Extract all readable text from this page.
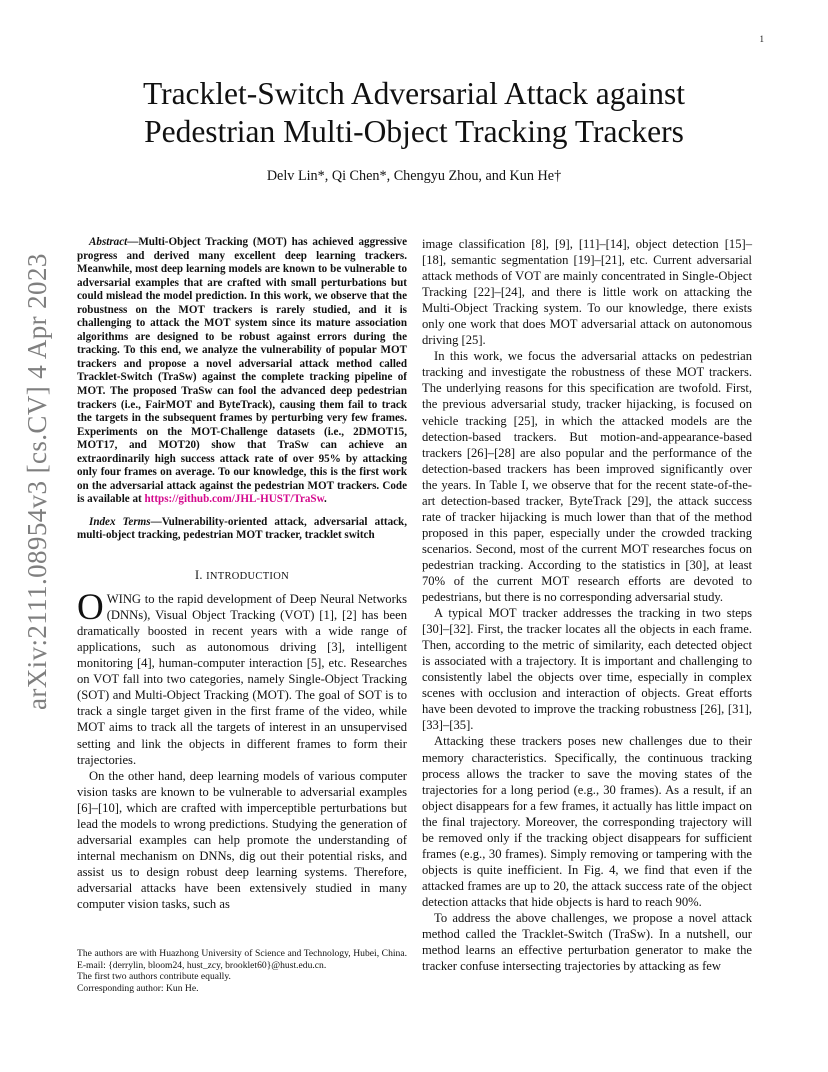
1
arXiv:2111.08954v3 [cs.CV] 4 Apr 2023
Tracklet-Switch Adversarial Attack against
Pedestrian Multi-Object Tracking Trackers
Delv Lin*, Qi Chen*, Chengyu Zhou, and Kun He†

Abstract—Multi-Object Tracking (MOT) has achieved aggressive progress and derived many excellent deep learning trackers. Meanwhile, most deep learning models are known to be vulnerable to adversarial examples that are crafted with small perturbations but could mislead the model prediction. In this work, we observe that the robustness on the MOT trackers is rarely studied, and it is challenging to attack the MOT system since its mature association algorithms are designed to be robust against errors during the tracking. To this end, we analyze the vulnerability of popular MOT trackers and propose a novel adversarial attack method called Tracklet-Switch (TraSw) against the complete tracking pipeline of MOT. The proposed TraSw can fool the advanced deep pedestrian trackers (i.e., FairMOT and ByteTrack), causing them fail to track the targets in the subsequent frames by perturbing very few frames. Experiments on the MOT-Challenge datasets (i.e., 2DMOT15, MOT17, and MOT20) show that TraSw can achieve an extraordinarily high success attack rate of over 95% by attacking only four frames on average. To our knowledge, this is the first work on the adversarial attack against the pedestrian MOT trackers. Code is available at https://github.com/JHL-HUST/TraSw.

Index Terms—Vulnerability-oriented attack, adversarial attack, multi-object tracking, pedestrian MOT tracker, tracklet switch

I. INTRODUCTION

OWING to the rapid development of Deep Neural Networks (DNNs), Visual Object Tracking (VOT) [1], [2] has been dramatically boosted in recent years with a wide range of applications, such as autonomous driving [3], intelligent monitoring [4], human-computer interaction [5], etc. Researches on VOT fall into two categories, namely Single-Object Tracking (SOT) and Multi-Object Tracking (MOT). The goal of SOT is to track a single target given in the first frame of the video, while MOT aims to track all the targets of interest in an unsupervised setting and link the objects in different frames to form their trajectories.

On the other hand, deep learning models of various computer vision tasks are known to be vulnerable to adversarial examples [6]–[10], which are crafted with imperceptible perturbations but lead the models to wrong predictions. Studying the generation of adversarial examples can help promote the understanding of internal mechanism on DNNs, dig out their potential risks, and assist us to design robust deep learning systems. Therefore, adversarial attacks have been extensively studied in many computer vision tasks, such as

The authors are with Huazhong University of Science and Technology, Hubei, China. E-mail: {derrylin, bloom24, hust_zcy, brooklet60}@hust.edu.cn.

The first two authors contribute equally.

Corresponding author: Kun He.

image classification [8], [9], [11]–[14], object detection [15]–[18], semantic segmentation [19]–[21], etc. Current adversarial attack methods of VOT are mainly concentrated in Single-Object Tracking [22]–[24], and there is little work on attacking the Multi-Object Tracking system. To our knowledge, there exists only one work that does MOT adversarial attack on autonomous driving [25].

In this work, we focus the adversarial attacks on pedestrian tracking and investigate the robustness of these MOT trackers. The underlying reasons for this specification are twofold. First, the previous adversarial study, tracker hijacking, is focused on vehicle tracking [25], in which the attacked models are the detection-based trackers. But motion-and-appearance-based trackers [26]–[28] are also popular and the performance of the detection-based trackers has been improved significantly over the years. In Table I, we observe that for the recent state-of-the-art detection-based tracker, ByteTrack [29], the attack success rate of tracker hijacking is much lower than that of the method proposed in this paper, especially under the crowded tracking scenarios. Second, most of the current MOT researches focus on pedestrian tracking. According to the statistics in [30], at least 70% of the current MOT research efforts are devoted to pedestrians, but there is no corresponding adversarial study.

A typical MOT tracker addresses the tracking in two steps [30]–[32]. First, the tracker locates all the objects in each frame. Then, according to the metric of similarity, each detected object is associated with a trajectory. It is important and challenging to consistently label the objects over time, especially in complex scenes with occlusion and interaction of objects. Great efforts have been devoted to improve the tracking robustness [26], [31], [33]–[35].

Attacking these trackers poses new challenges due to their memory characteristics. Specifically, the continuous tracking process allows the tracker to save the moving states of the trajectories for a long period (e.g., 30 frames). As a result, if an object disappears for a few frames, it actually has little impact on the final trajectory. Moreover, the corresponding trajectory will be removed only if the tracking object disappears for sufficient frames (e.g., 30 frames). Simply removing or tampering with the objects is quite inefficient. In Fig. 4, we find that even if the attacked frames are up to 20, the attack success rate of the object detection attacks that hide objects is hard to reach 90%.

To address the above challenges, we propose a novel attack method called the Tracklet-Switch (TraSw). In a nutshell, our method learns an effective perturbation generator to make the tracker confuse intersecting trajectories by attacking as few
